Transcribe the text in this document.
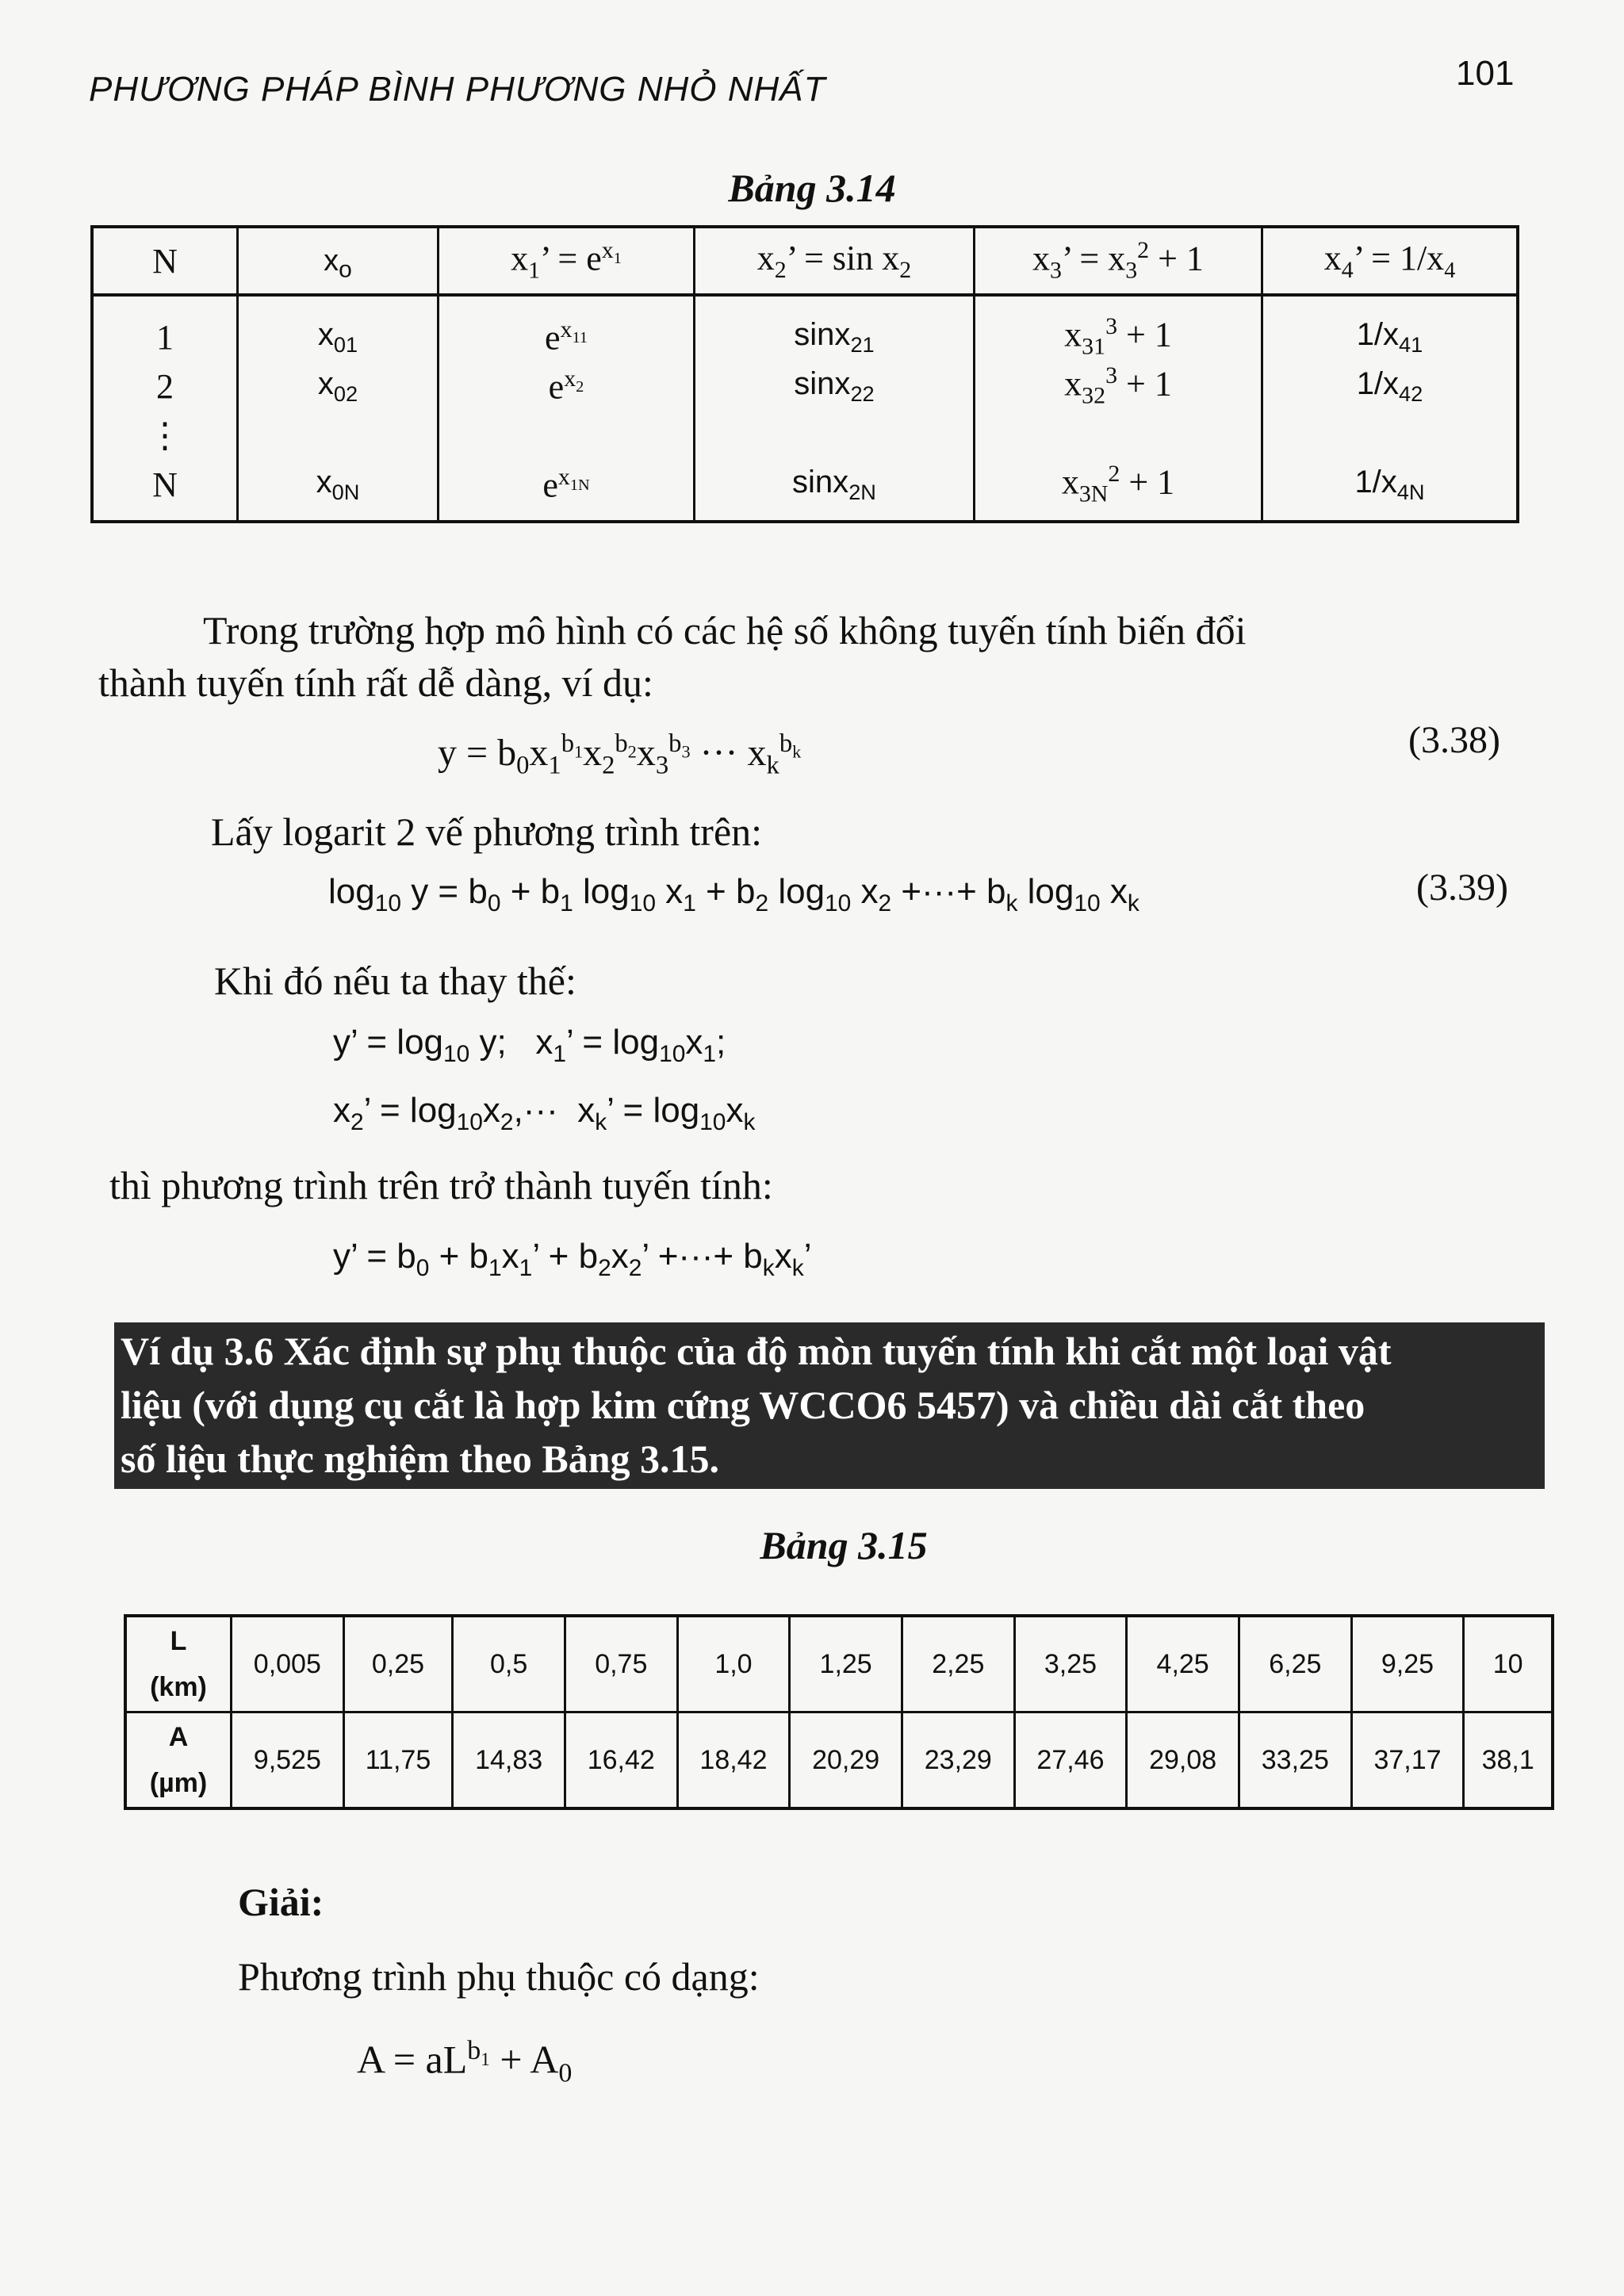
PHƯƠNG PHÁP BÌNH PHƯƠNG NHỎ NHẤT	101
Bảng 3.14
N	$x_o$	$x_1$’ = $e^{x_1}$	$x_2$’ = $\sin x_2$	$x_3$’ = $x_3^2 + 1$	$x_4$’ = $1/x_4$
1	$x_{01}$	$e^{x_{11}}$	sinx$_{21}$	$x_{31}^3 + 1$	$1/x_{41}$
2	$x_{02}$	$e^{x_2}$	sinx$_{22}$	$x_{32}^3 + 1$	$1/x_{42}$
⋮					
N	$x_{0N}$	$e^{x_{1N}}$	sinx$_{2N}$	$x_{3N}^2 + 1$	$1/x_{4N}$
Trong trường hợp mô hình có các hệ số không tuyến tính biến đổi
thành tuyến tính rất dễ dàng, ví dụ:
$y = b_0x_1^{b_1}x_2^{b_2}x_3^{b_3}$ ··· $x_k^{b_k}$	(3.38)
Lấy logarit 2 vế phương trình trên:
$\log_{10} y = b_0 + b_1$ $\log_{10} x_1 + b_2$ $\log_{10} x_2$ +···+ $b_k$ $\log_{10} x_k$	(3.39)
Khi đó nếu ta thay thế:
y’ = $\log_{10} y$;   $x_1$’ = $\log_{10}x_1$;
$x_2$’ = $\log_{10}x_2,\cdot\cdot\cdot x_k$’ = $\log_{10}x_k$
thì phương trình trên trở thành tuyến tính:
y’ = $b_0 + b_1x_1$’ + $b_2x_2$’ +···+ $b_kx_k$’
Ví dụ 3.6 Xác định sự phụ thuộc của độ mòn tuyến tính khi cắt một loại vật
liệu (với dụng cụ cắt là hợp kim cứng WCCO6 5457) và chiều dài cắt theo
số liệu thực nghiệm theo Bảng 3.15.
Bảng 3.15
L
(km)	0,005	0,25	0,5	0,75	1,0	1,25	2,25	3,25	4,25	6,25	9,25	10

A
(µm)	9,525	11,75	14,83	16,42	18,42	20,29	23,29	27,46	29,08	33,25	37,17	38,1
Giải:
Phương trình phụ thuộc có dạng:
$A = aL^{b_1} + A_0$
